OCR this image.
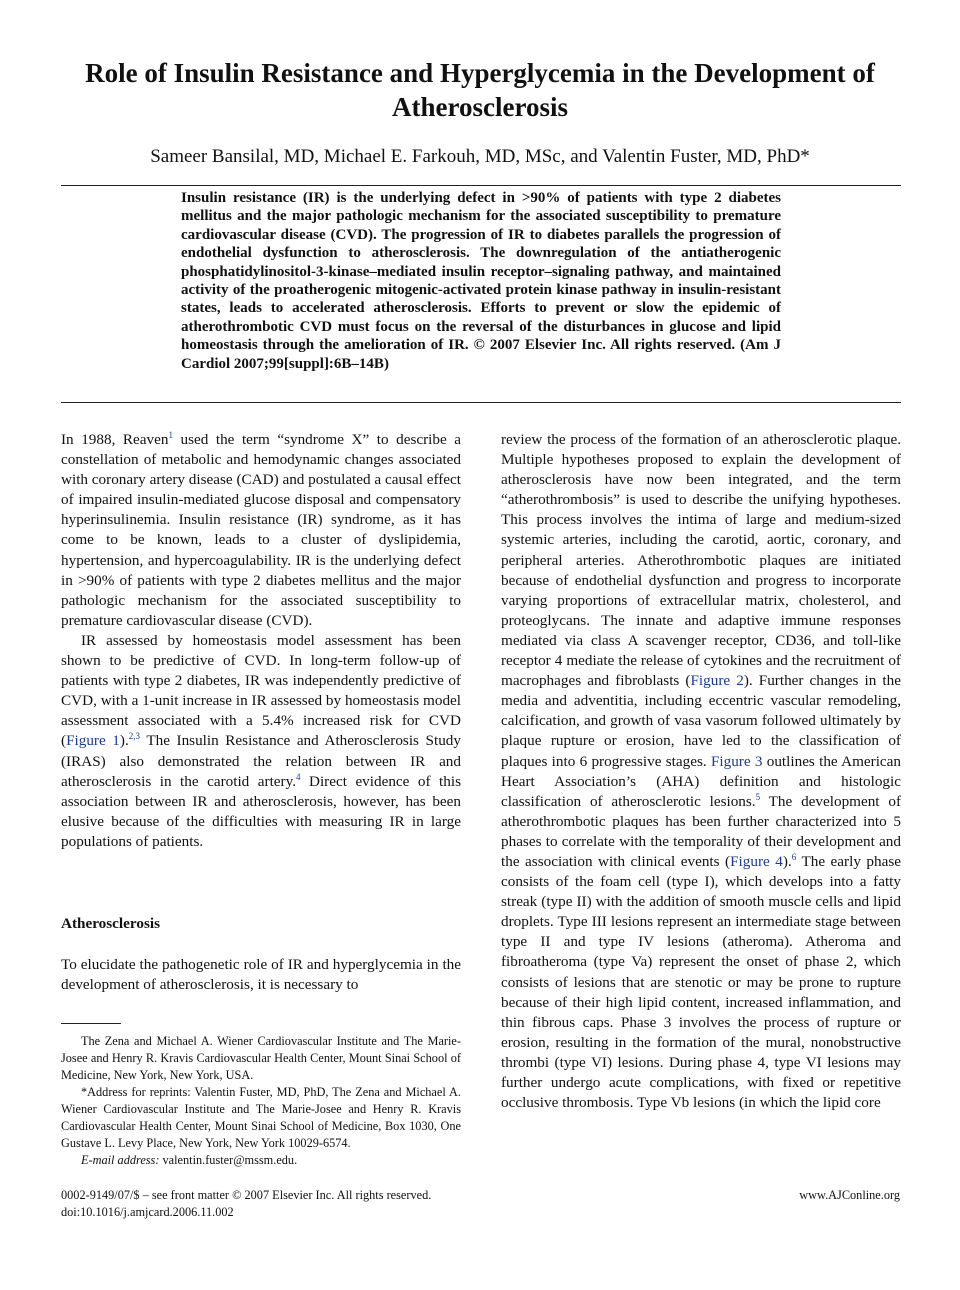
Role of Insulin Resistance and Hyperglycemia in the Development of Atherosclerosis
Sameer Bansilal, MD, Michael E. Farkouh, MD, MSc, and Valentin Fuster, MD, PhD*
Insulin resistance (IR) is the underlying defect in >90% of patients with type 2 diabetes mellitus and the major pathologic mechanism for the associated susceptibility to premature cardiovascular disease (CVD). The progression of IR to diabetes parallels the progression of endothelial dysfunction to atherosclerosis. The downregulation of the antiatherogenic phosphatidylinositol-3-kinase–mediated insulin receptor–signaling pathway, and maintained activity of the proatherogenic mitogenic-activated protein kinase pathway in insulin-resistant states, leads to accelerated atherosclerosis. Efforts to prevent or slow the epidemic of atherothrombotic CVD must focus on the reversal of the disturbances in glucose and lipid homeostasis through the amelioration of IR. © 2007 Elsevier Inc. All rights reserved. (Am J Cardiol 2007;99[suppl]:6B–14B)

In 1988, Reaven$^1$ used the term “syndrome X” to describe a constellation of metabolic and hemodynamic changes associated with coronary artery disease (CAD) and postulated a causal effect of impaired insulin-mediated glucose disposal and compensatory hyperinsulinemia. Insulin resistance (IR) syndrome, as it has come to be known, leads to a cluster of dyslipidemia, hypertension, and hypercoagulability. IR is the underlying defect in >90% of patients with type 2 diabetes mellitus and the major pathologic mechanism for the associated susceptibility to premature cardiovascular disease (CVD).

IR assessed by homeostasis model assessment has been shown to be predictive of CVD. In long-term follow-up of patients with type 2 diabetes, IR was independently predictive of CVD, with a 1-unit increase in IR assessed by homeostasis model assessment associated with a 5.4% increased risk for CVD (Figure 1).$^{2,3}$ The Insulin Resistance and Atherosclerosis Study (IRAS) also demonstrated the relation between IR and atherosclerosis in the carotid artery.$^4$ Direct evidence of this association between IR and atherosclerosis, however, has been elusive because of the difficulties with measuring IR in large populations of patients.

Atherosclerosis
To elucidate the pathogenetic role of IR and hyperglycemia in the development of atherosclerosis, it is necessary to

The Zena and Michael A. Wiener Cardiovascular Institute and The Marie-Josee and Henry R. Kravis Cardiovascular Health Center, Mount Sinai School of Medicine, New York, New York, USA.

*Address for reprints: Valentin Fuster, MD, PhD, The Zena and Michael A. Wiener Cardiovascular Institute and The Marie-Josee and Henry R. Kravis Cardiovascular Health Center, Mount Sinai School of Medicine, Box 1030, One Gustave L. Levy Place, New York, New York 10029-6574.

E-mail address: valentin.fuster@mssm.edu.

review the process of the formation of an atherosclerotic plaque. Multiple hypotheses proposed to explain the development of atherosclerosis have now been integrated, and the term “atherothrombosis” is used to describe the unifying hypotheses. This process involves the intima of large and medium-sized systemic arteries, including the carotid, aortic, coronary, and peripheral arteries. Atherothrombotic plaques are initiated because of endothelial dysfunction and progress to incorporate varying proportions of extracellular matrix, cholesterol, and proteoglycans. The innate and adaptive immune responses mediated via class A scavenger receptor, CD36, and toll-like receptor 4 mediate the release of cytokines and the recruitment of macrophages and fibroblasts (Figure 2). Further changes in the media and adventitia, including eccentric vascular remodeling, calcification, and growth of vasa vasorum followed ultimately by plaque rupture or erosion, have led to the classification of plaques into 6 progressive stages. Figure 3 outlines the American Heart Association’s (AHA) definition and histologic classification of atherosclerotic lesions.$^5$ The development of atherothrombotic plaques has been further characterized into 5 phases to correlate with the temporality of their development and the association with clinical events (Figure 4).$^6$ The early phase consists of the foam cell (type I), which develops into a fatty streak (type II) with the addition of smooth muscle cells and lipid droplets. Type III lesions represent an intermediate stage between type II and type IV lesions (atheroma). Atheroma and fibroatheroma (type Va) represent the onset of phase 2, which consists of lesions that are stenotic or may be prone to rupture because of their high lipid content, increased inflammation, and thin fibrous caps. Phase 3 involves the process of rupture or erosion, resulting in the formation of the mural, nonobstructive thrombi (type VI) lesions. During phase 4, type VI lesions may further undergo acute complications, with fixed or repetitive occlusive thrombosis. Type Vb lesions (in which the lipid core

0002-9149/07/$ – see front matter © 2007 Elsevier Inc. All rights reserved.
doi:10.1016/j.amjcard.2006.11.002
www.AJConline.org
